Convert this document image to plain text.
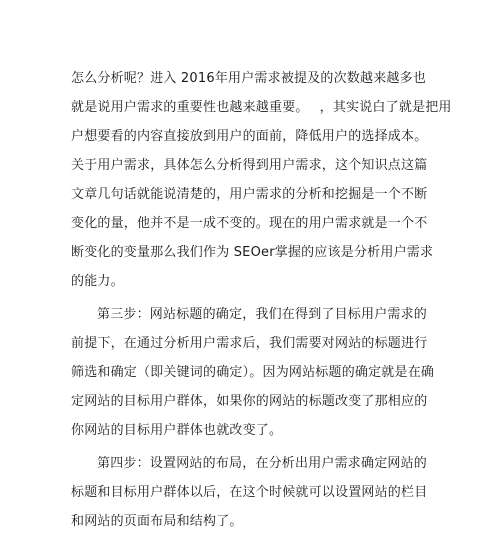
怎么分析呢？进入 2016年用户需求被提及的次数越来越多也
就是说用户需求的重要性也越来越重要。　 ，其实说白了就是把用
户想要看的内容直接放到用户的面前，降低用户的选择成本。
关于用户需求，具体怎么分析得到用户需求，这个知识点这篇
文章几句话就能说清楚的，用户需求的分析和挖掘是一个不断
变化的量，他并不是一成不变的。现在的用户需求就是一个不
断变化的变量那么我们作为 SEOer掌握的应该是分析用户需求
的能力。
第三步：网站标题的确定，我们在得到了目标用户需求的
前提下，在通过分析用户需求后，我们需要对网站的标题进行
筛选和确定（即关键词的确定）。因为网站标题的确定就是在确
定网站的目标用户群体，如果你的网站的标题改变了那相应的
你网站的目标用户群体也就改变了。
第四步：设置网站的布局，在分析出用户需求确定网站的
标题和目标用户群体以后，在这个时候就可以设置网站的栏目
和网站的页面布局和结构了。
